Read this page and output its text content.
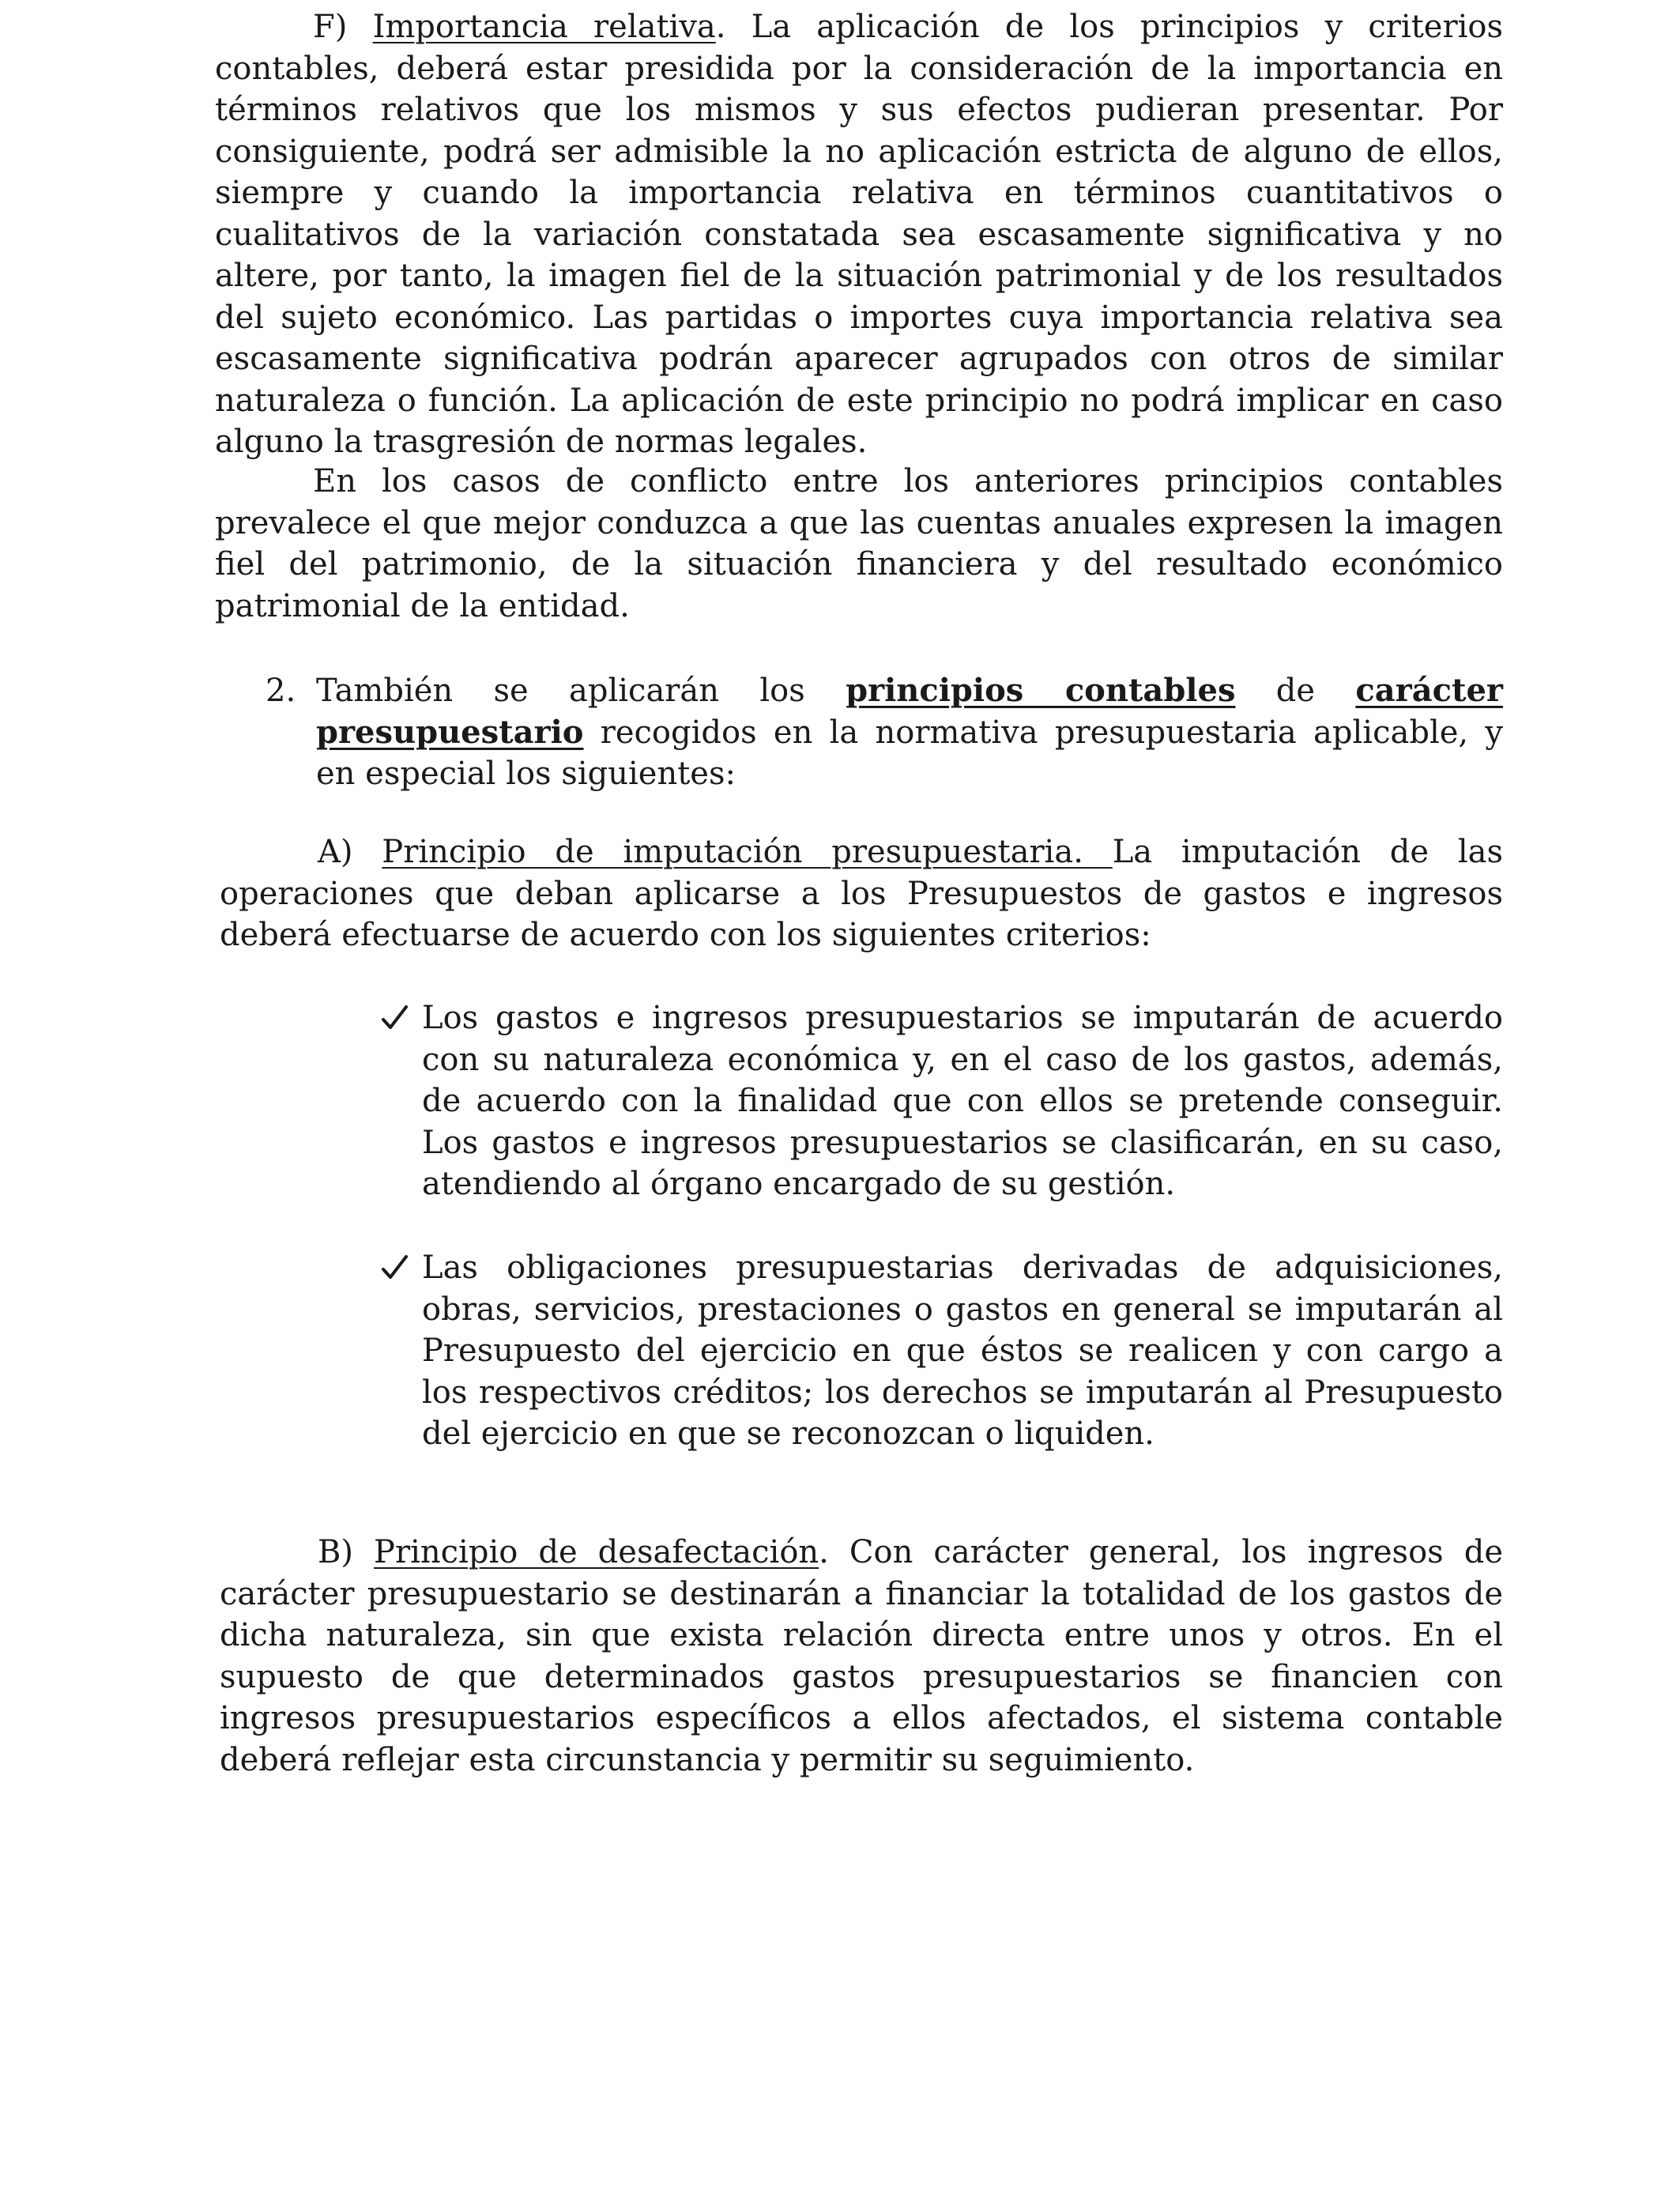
F) Importancia relativa. La aplicación de los principios y criterios contables, deberá estar presidida por la consideración de la importancia en términos relativos que los mismos y sus efectos pudieran presentar. Por consiguiente, podrá ser admisible la no aplicación estricta de alguno de ellos, siempre y cuando la importancia relativa en términos cuantitativos o cualitativos de la variación constatada sea escasamente significativa y no altere, por tanto, la imagen fiel de la situación patrimonial y de los resultados del sujeto económico. Las partidas o importes cuya importancia relativa sea escasamente significativa podrán aparecer agrupados con otros de similar naturaleza o función. La aplicación de este principio no podrá implicar en caso alguno la trasgresión de normas legales.

En los casos de conflicto entre los anteriores principios contables prevalece el que mejor conduzca a que las cuentas anuales expresen la imagen fiel del patrimonio, de la situación financiera y del resultado económico patrimonial de la entidad.

2. También se aplicarán los principios contables de carácter presupuestario recogidos en la normativa presupuestaria aplicable, y en especial los siguientes:

A) Principio de imputación presupuestaria. La imputación de las operaciones que deban aplicarse a los Presupuestos de gastos e ingresos deberá efectuarse de acuerdo con los siguientes criterios:

Los gastos e ingresos presupuestarios se imputarán de acuerdo con su naturaleza económica y, en el caso de los gastos, además, de acuerdo con la finalidad que con ellos se pretende conseguir. Los gastos e ingresos presupuestarios se clasificarán, en su caso, atendiendo al órgano encargado de su gestión.
Las obligaciones presupuestarias derivadas de adquisiciones, obras, servicios, prestaciones o gastos en general se imputarán al Presupuesto del ejercicio en que éstos se realicen y con cargo a los respectivos créditos; los derechos se imputarán al Presupuesto del ejercicio en que se reconozcan o liquiden.

B) Principio de desafectación. Con carácter general, los ingresos de carácter presupuestario se destinarán a financiar la totalidad de los gastos de dicha naturaleza, sin que exista relación directa entre unos y otros. En el supuesto de que determinados gastos presupuestarios se financien con ingresos presupuestarios específicos a ellos afectados, el sistema contable deberá reflejar esta circunstancia y permitir su seguimiento.
